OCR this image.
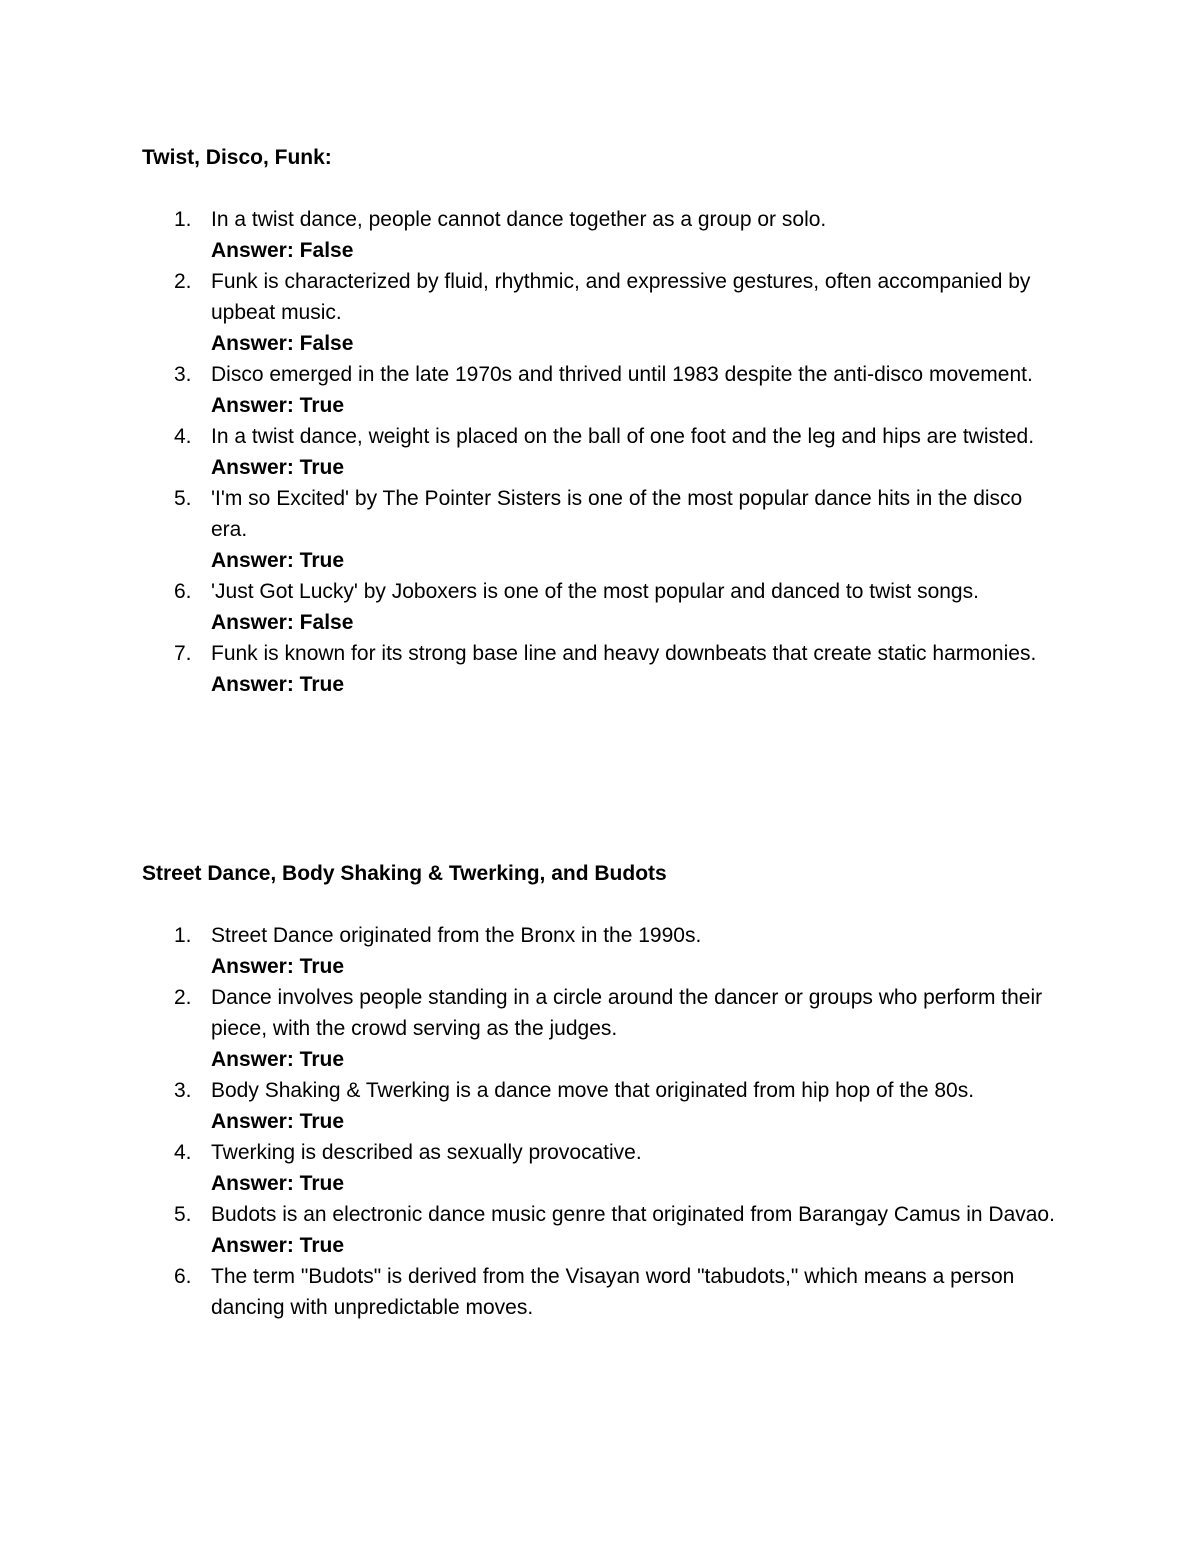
Twist, Disco, Funk:
1. In a twist dance, people cannot dance together as a group or solo.
Answer: False
2. Funk is characterized by fluid, rhythmic, and expressive gestures, often accompanied by upbeat music.
Answer: False
3. Disco emerged in the late 1970s and thrived until 1983 despite the anti-disco movement.
Answer: True
4. In a twist dance, weight is placed on the ball of one foot and the leg and hips are twisted.
Answer: True
5. 'I'm so Excited' by The Pointer Sisters is one of the most popular dance hits in the disco era.
Answer: True
6. 'Just Got Lucky' by Joboxers is one of the most popular and danced to twist songs.
Answer: False
7. Funk is known for its strong base line and heavy downbeats that create static harmonies.
Answer: True
Street Dance, Body Shaking & Twerking, and Budots
1. Street Dance originated from the Bronx in the 1990s.
Answer: True
2. Dance involves people standing in a circle around the dancer or groups who perform their piece, with the crowd serving as the judges.
Answer: True
3. Body Shaking & Twerking is a dance move that originated from hip hop of the 80s.
Answer: True
4. Twerking is described as sexually provocative.
Answer: True
5. Budots is an electronic dance music genre that originated from Barangay Camus in Davao.
Answer: True
6. The term "Budots" is derived from the Visayan word "tabudots," which means a person dancing with unpredictable moves.
